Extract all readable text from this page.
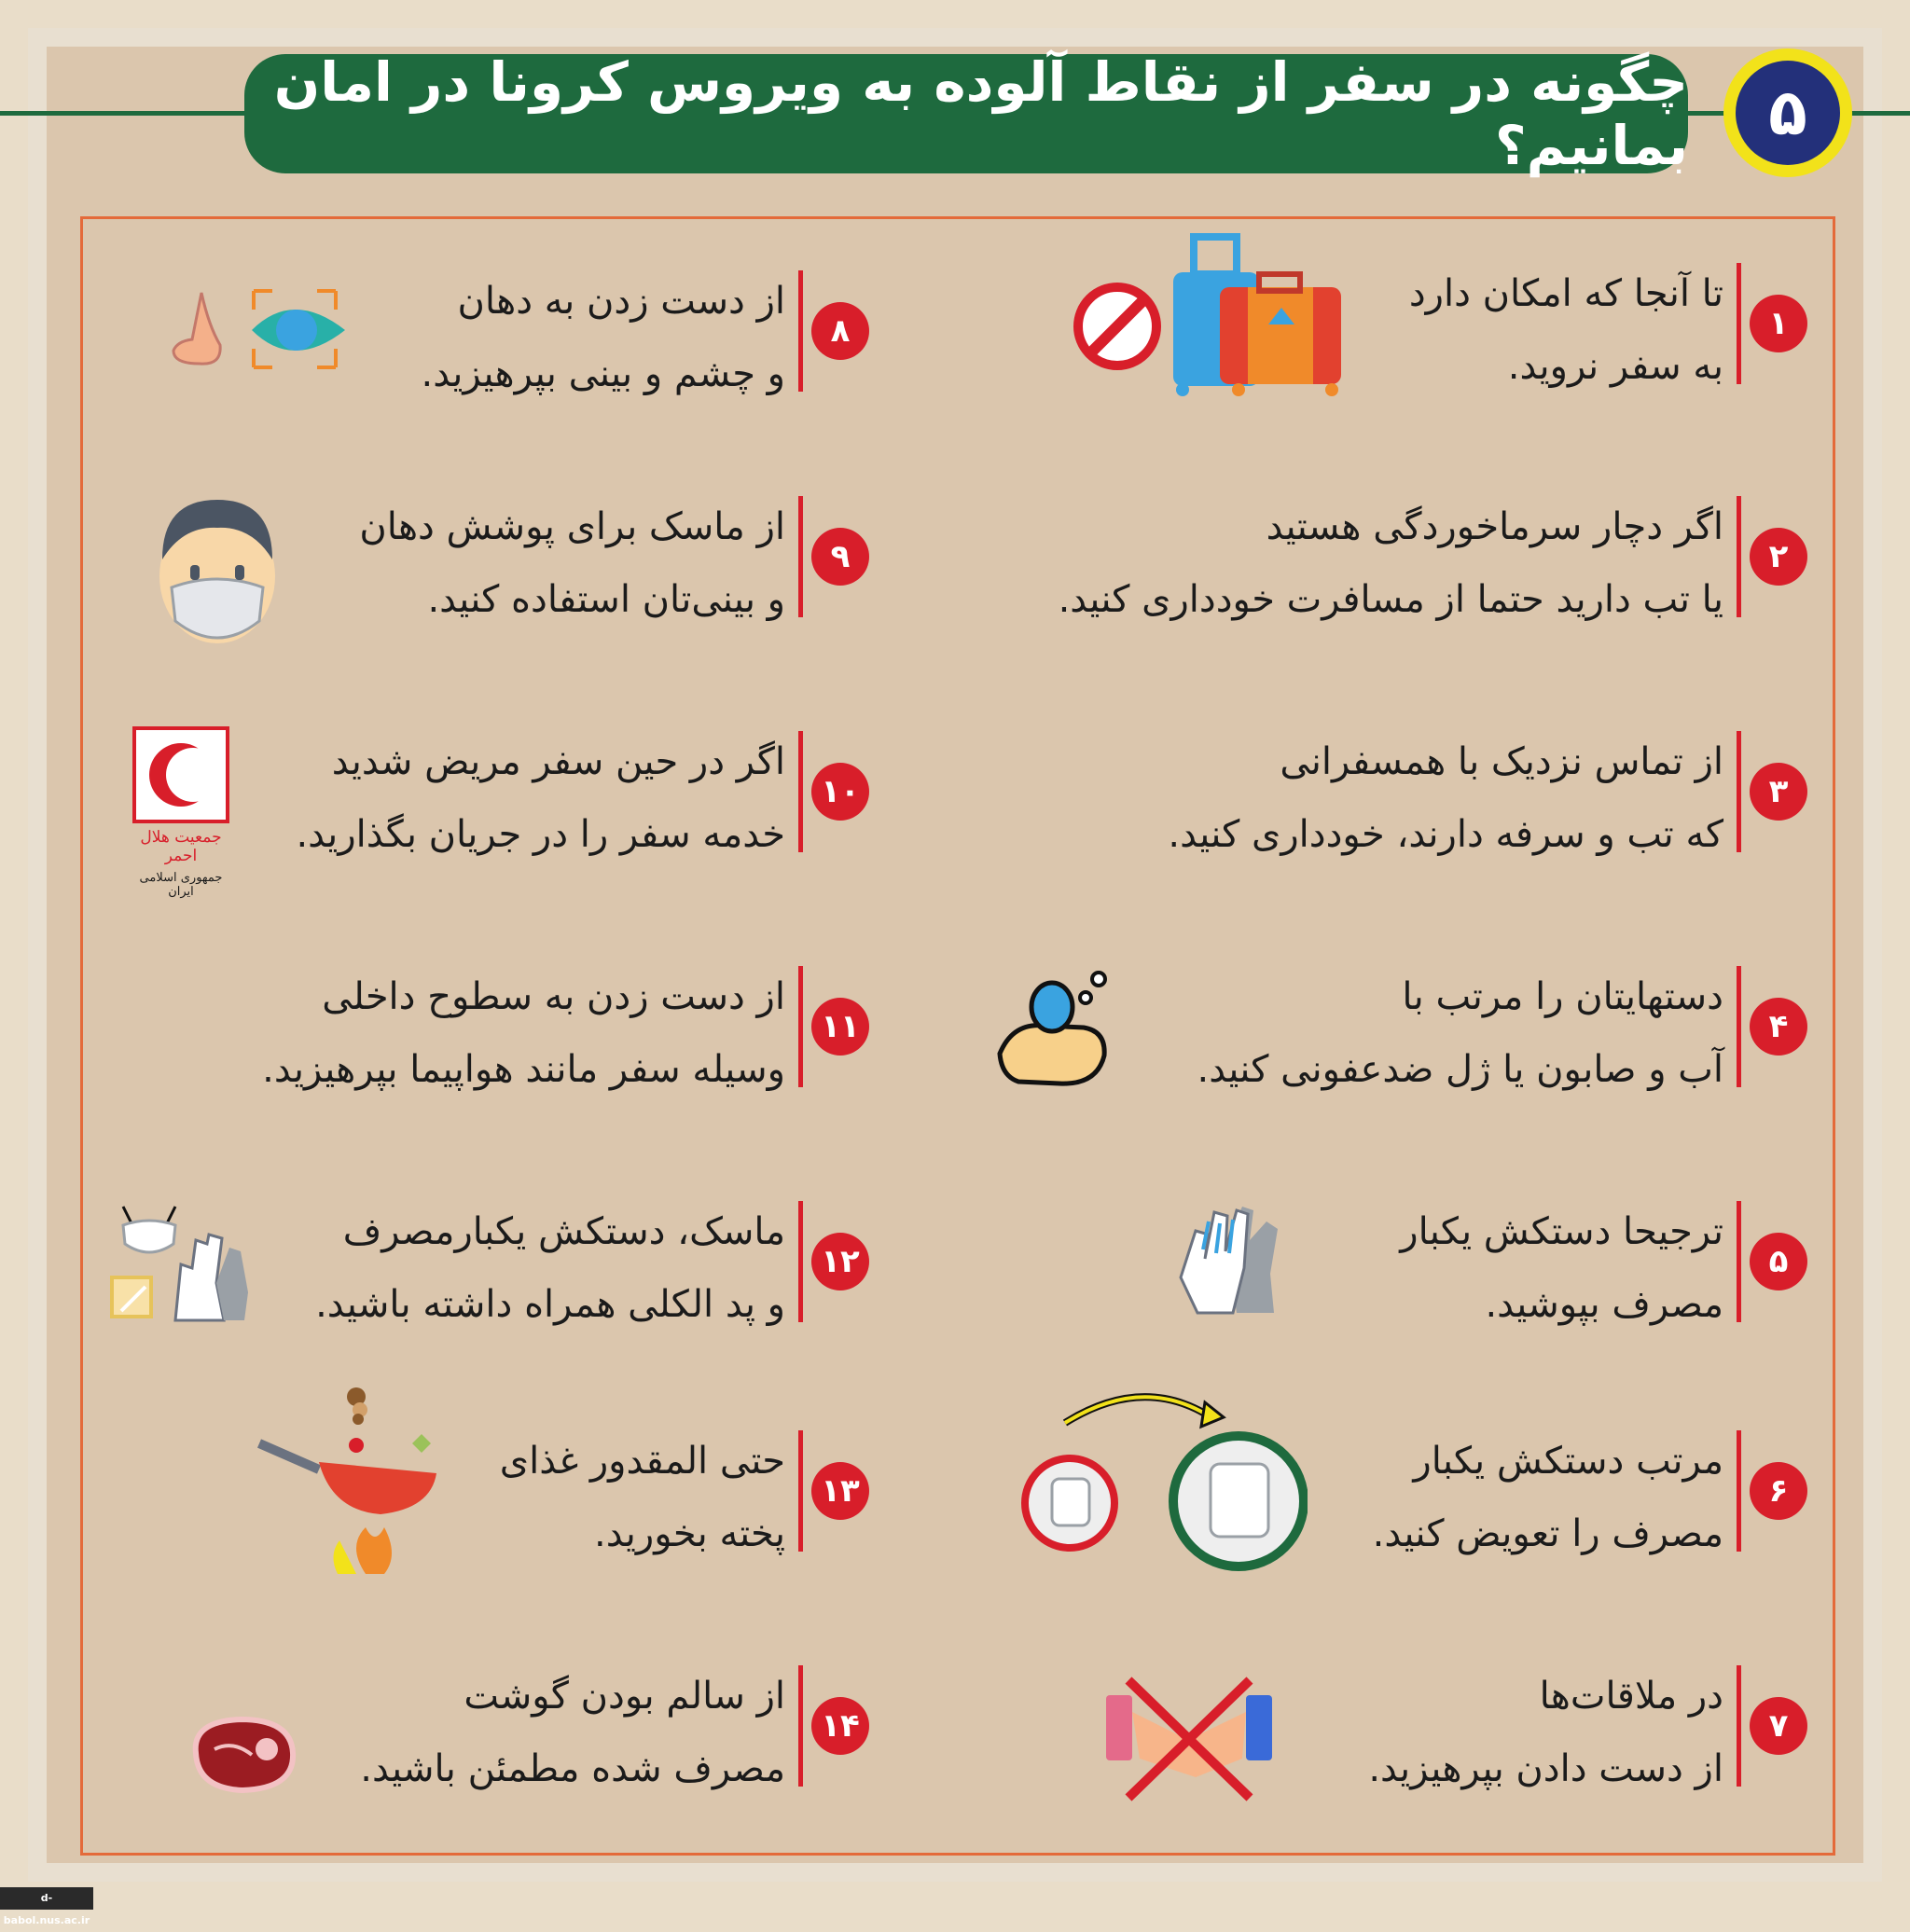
چگونه در سفر از نقاط آلوده به ویروس کرونا در امان بمانیم؟	۵
تا آنجا که امکان دارد
به سفر نروید.
۱
اگر دچار سرماخوردگی هستید
یا تب دارید حتما از مسافرت خودداری کنید.
۲
از تماس نزدیک با همسفرانی
که تب و سرفه دارند، خودداری کنید.
۳
دستهایتان را مرتب با
آب و صابون یا ژل ضدعفونی کنید.
۴
ترجیحا دستکش یکبار
مصرف بپوشید.
۵
مرتب دستکش یکبار
مصرف را تعویض کنید.
۶
در ملاقات‌ها
از دست دادن بپرهیزید.
۷
از دست زدن به دهان
و چشم و بینی بپرهیزید.
۸
از ماسک برای پوشش دهان
و بینی‌تان استفاده کنید.
۹
اگر در حین سفر مریض شدید
خدمه سفر را در جریان بگذارید.
۱۰
از دست زدن به سطوح داخلی
وسیله سفر مانند هواپیما بپرهیزید.
۱۱
ماسک، دستکش یکبارمصرف
و پد الکلی همراه داشته باشید.
۱۲
حتی المقدور غذای
پخته بخورید.
۱۳
از سالم بودن گوشت
مصرف شده مطمئن باشید.
۱۴
جمعیت هلال احمر
جمهوری اسلامی ایران
d-babol.nus.ac.ir
